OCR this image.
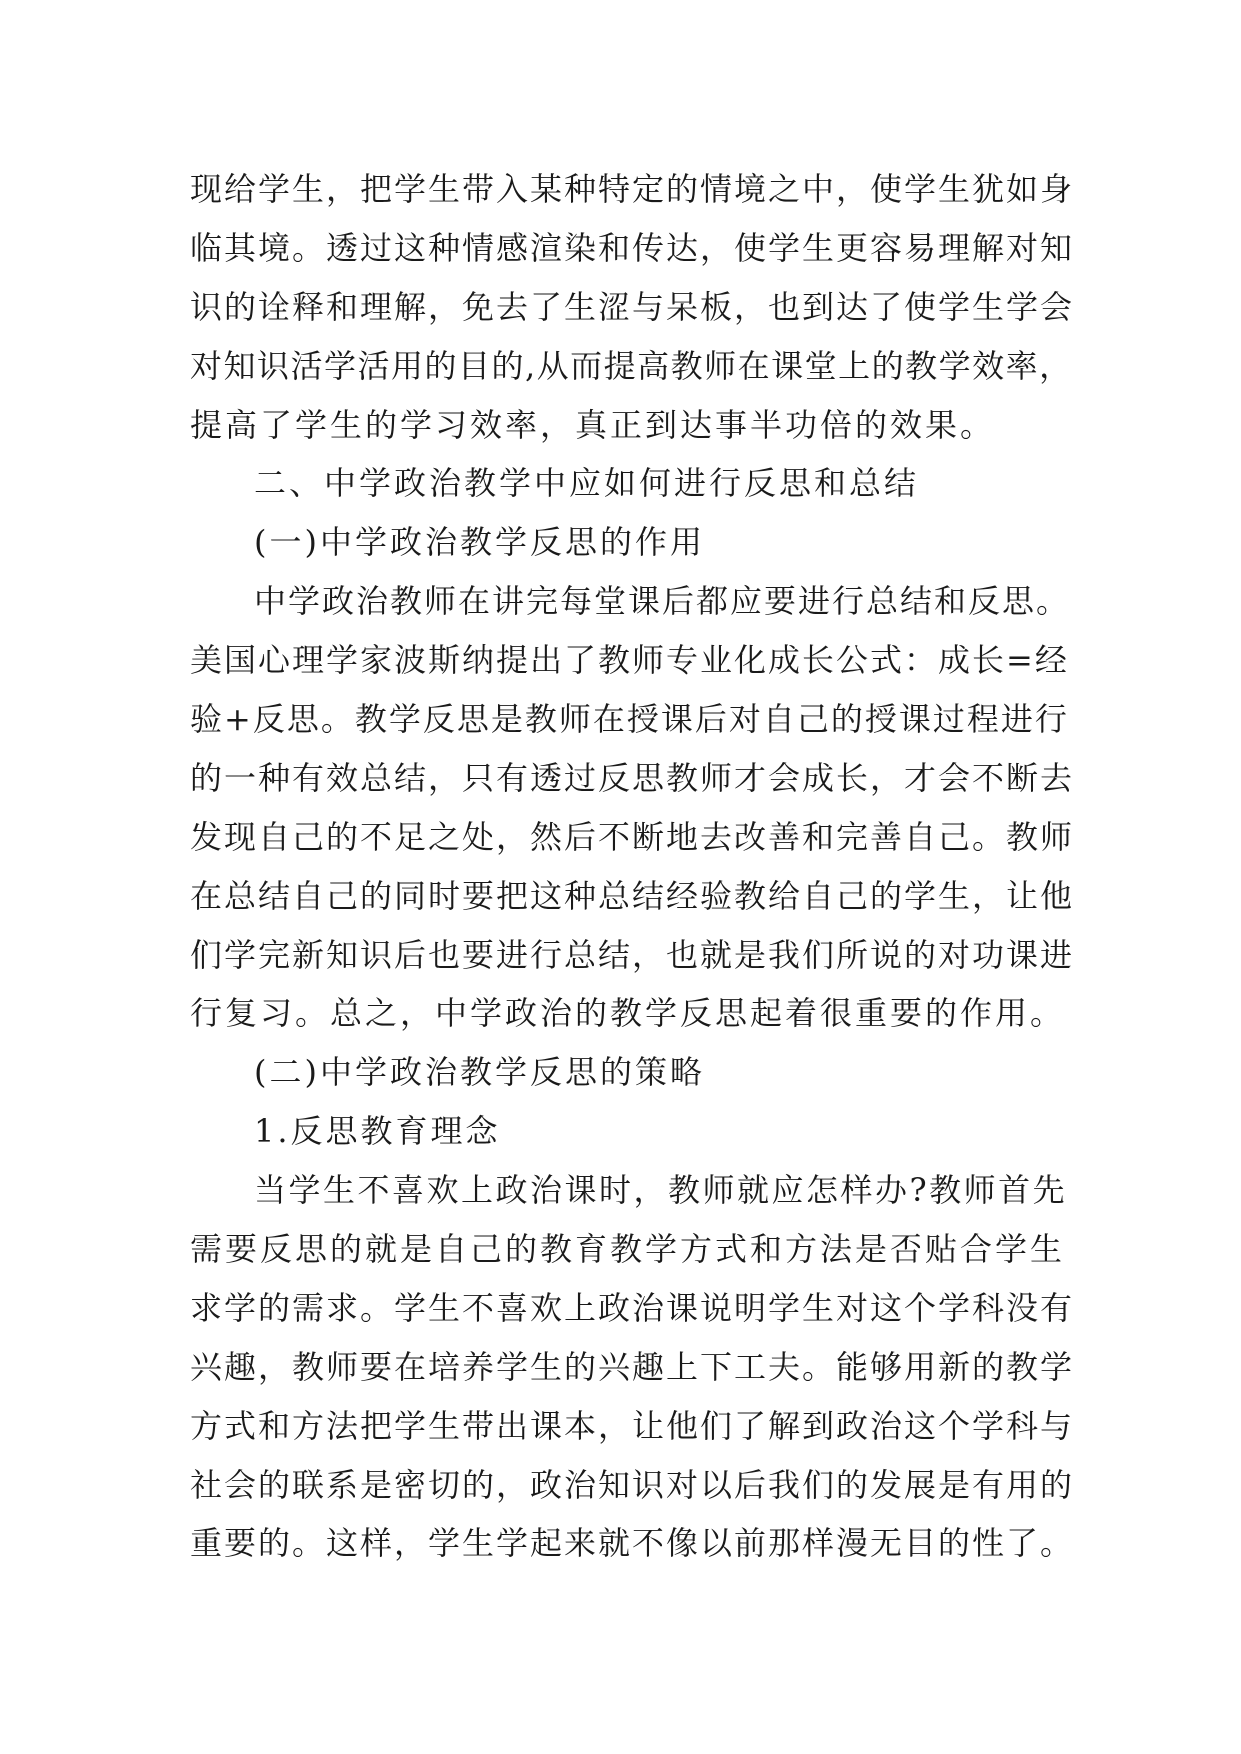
现给学生，把学生带入某种特定的情境之中，使学生犹如身
临其境。透过这种情感渲染和传达，使学生更容易理解对知
识的诠释和理解，免去了生涩与呆板，也到达了使学生学会
对知识活学活用的目的,从而提高教师在课堂上的教学效率，
提高了学生的学习效率，真正到达事半功倍的效果。
二、中学政治教学中应如何进行反思和总结
(一)中学政治教学反思的作用
中学政治教师在讲完每堂课后都应要进行总结和反思。
美国心理学家波斯纳提出了教师专业化成长公式：成长=经
验+反思。教学反思是教师在授课后对自己的授课过程进行
的一种有效总结，只有透过反思教师才会成长，才会不断去
发现自己的不足之处，然后不断地去改善和完善自己。教师
在总结自己的同时要把这种总结经验教给自己的学生，让他
们学完新知识后也要进行总结，也就是我们所说的对功课进
行复习。总之，中学政治的教学反思起着很重要的作用。
(二)中学政治教学反思的策略
1.反思教育理念
当学生不喜欢上政治课时，教师就应怎样办?教师首先
需要反思的就是自己的教育教学方式和方法是否贴合学生
求学的需求。学生不喜欢上政治课说明学生对这个学科没有
兴趣，教师要在培养学生的兴趣上下工夫。能够用新的教学
方式和方法把学生带出课本，让他们了解到政治这个学科与
社会的联系是密切的，政治知识对以后我们的发展是有用的
重要的。这样，学生学起来就不像以前那样漫无目的性了。
